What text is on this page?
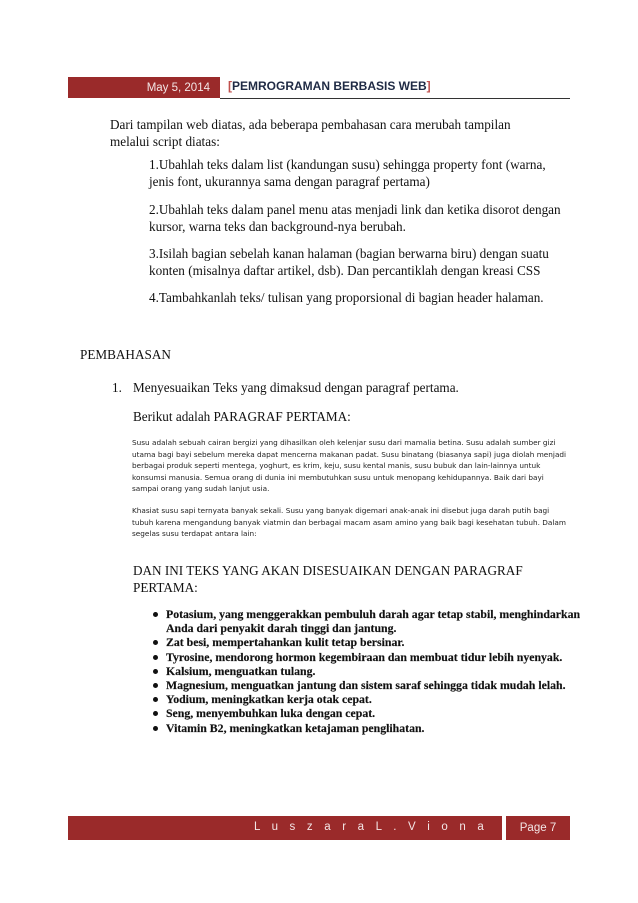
May 5, 2014	[PEMROGRAMAN BERBASIS WEB]
Dari tampilan web diatas, ada beberapa pembahasan cara merubah tampilan melalui script diatas:
1.Ubahlah teks dalam list (kandungan susu) sehingga property font (warna, jenis font, ukurannya sama dengan paragraf pertama)
2.Ubahlah teks dalam panel menu atas menjadi link dan ketika disorot dengan kursor, warna teks dan background-nya berubah.
3.Isilah bagian sebelah kanan halaman (bagian berwarna biru) dengan suatu konten (misalnya daftar artikel, dsb). Dan percantiklah dengan kreasi CSS
4.Tambahkanlah teks/ tulisan yang proporsional di bagian header halaman.
PEMBAHASAN
1. Menyesuaikan Teks yang dimaksud dengan paragraf pertama.
Berikut adalah PARAGRAF PERTAMA:

Susu adalah sebuah cairan bergizi yang dihasilkan oleh kelenjar susu dari mamalia betina. Susu adalah sumber gizi utama bagi bayi sebelum mereka dapat mencerna makanan padat. Susu binatang (biasanya sapi) juga diolah menjadi berbagai produk seperti mentega, yoghurt, es krim, keju, susu kental manis, susu bubuk dan lain-lainnya untuk konsumsi manusia. Semua orang di dunia ini membutuhkan susu untuk menopang kehidupannya. Baik dari bayi sampai orang yang sudah lanjut usia.

Khasiat susu sapi ternyata banyak sekali. Susu yang banyak digemari anak-anak ini disebut juga darah putih bagi tubuh karena mengandung banyak viatmin dan berbagai macam asam amino yang baik bagi kesehatan tubuh. Dalam segelas susu terdapat antara lain:

DAN INI TEKS YANG AKAN DISESUAIKAN DENGAN PARAGRAF PERTAMA:
Potasium, yang menggerakkan pembuluh darah agar tetap stabil, menghindarkan Anda dari penyakit darah tinggi dan jantung.
Zat besi, mempertahankan kulit tetap bersinar.
Tyrosine, mendorong hormon kegembiraan dan membuat tidur lebih nyenyak.
Kalsium, menguatkan tulang.
Magnesium, menguatkan jantung dan sistem saraf sehingga tidak mudah lelah.
Yodium, meningkatkan kerja otak cepat.
Seng, menyembuhkan luka dengan cepat.
Vitamin B2, meningkatkan ketajaman penglihatan.
L u s z a r a L . V i o n a	Page 7
